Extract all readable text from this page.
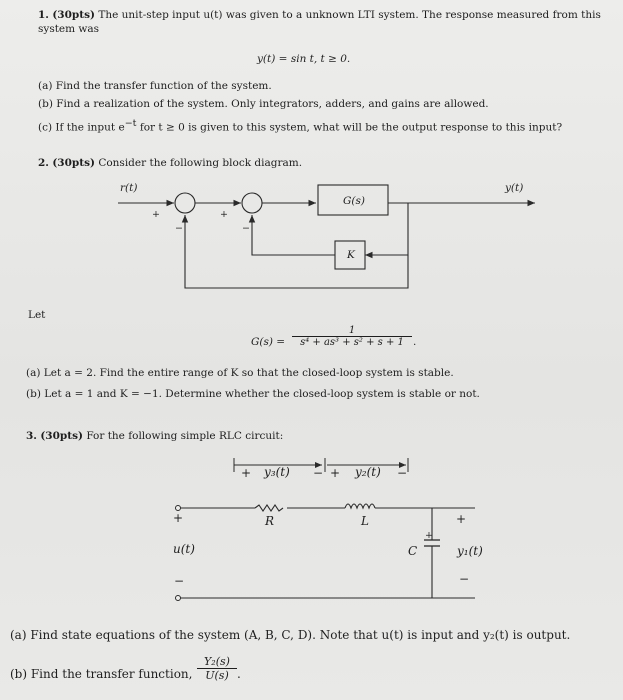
1. (30pts) The unit-step input u(t) was given to a unknown LTI system. The response measured from this
system was
y(t) = sin t, t ≥ 0.
(a) Find the transfer function of the system.
(b) Find a realization of the system. Only integrators, adders, and gains are allowed.
(c) If the input $e^{-t}$ for t ≥ 0 is given to this system, what will be the output response to this input?
2. (30pts) Consider the following block diagram.
r(t)	y(t)
G(s)
K
+
−
+
−
Let
G(s) =
1
s⁴ + as³ + s² + s + 1 .
(a) Let a = 2. Find the entire range of K so that the closed-loop system is stable.
(b) Let a = 1 and K = −1. Determine whether the closed-loop system is stable or not.
3. (30pts) For the following simple RLC circuit:
+ y₃(t) − + y₂(t) −
R	L
C
+
+
u(t)
−
+
y₁(t)
−
(a) Find state equations of the system (A, B, C, D). Note that u(t) is input and y₂(t) is output.
(b) Find the transfer function,
Y₂(s)
U(s) .
